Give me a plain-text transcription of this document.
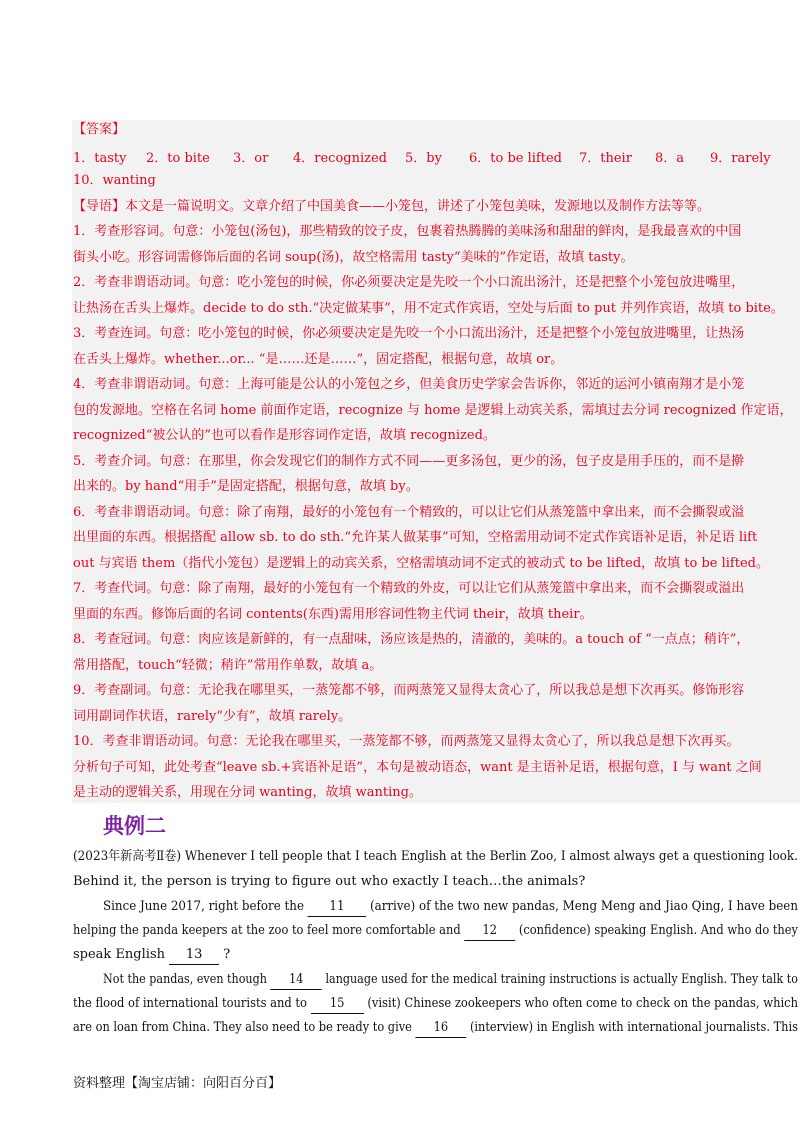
【答案】
1．tasty 2．to bite 3．or 4．recognized 5．by 6．to be lifted 7．their 8．a 9．rarely
10．wanting
【导语】本文是一篇说明文。文章介绍了中国美食——小笼包，讲述了小笼包美味，发源地以及制作方法等等。
1．考查形容词。句意：小笼包(汤包)，那些精致的饺子皮，包裹着热腾腾的美味汤和甜甜的鲜肉，是我最喜欢的中国
街头小吃。形容词需修饰后面的名词 soup(汤)，故空格需用 tasty“美味的”作定语，故填 tasty。
2．考查非谓语动词。句意：吃小笼包的时候，你必须要决定是先咬一个小口流出汤汁，还是把整个小笼包放进嘴里，
让热汤在舌头上爆炸。decide to do sth.“决定做某事”，用不定式作宾语，空处与后面 to put 并列作宾语，故填 to bite。
3．考查连词。句意：吃小笼包的时候，你必须要决定是先咬一个小口流出汤汁，还是把整个小笼包放进嘴里，让热汤
在舌头上爆炸。whether...or... “是……还是……”，固定搭配，根据句意，故填 or。
4．考查非谓语动词。句意：上海可能是公认的小笼包之乡，但美食历史学家会告诉你，邻近的运河小镇南翔才是小笼
包的发源地。空格在名词 home 前面作定语，recognize 与 home 是逻辑上动宾关系，需填过去分词 recognized 作定语，
recognized“被公认的”也可以看作是形容词作定语，故填 recognized。
5．考查介词。句意：在那里，你会发现它们的制作方式不同——更多汤包，更少的汤，包子皮是用手压的，而不是擀
出来的。by hand“用手”是固定搭配，根据句意，故填 by。
6．考查非谓语动词。句意：除了南翔，最好的小笼包有一个精致的，可以让它们从蒸笼篮中拿出来，而不会撕裂或溢
出里面的东西。根据搭配 allow sb. to do sth.“允许某人做某事”可知，空格需用动词不定式作宾语补足语，补足语 lift
out 与宾语 them（指代小笼包）是逻辑上的动宾关系，空格需填动词不定式的被动式 to be lifted，故填 to be lifted。
7．考查代词。句意：除了南翔，最好的小笼包有一个精致的外皮，可以让它们从蒸笼篮中拿出来，而不会撕裂或溢出
里面的东西。修饰后面的名词 contents(东西)需用形容词性物主代词 their，故填 their。
8．考查冠词。句意：肉应该是新鲜的，有一点甜味，汤应该是热的，清澈的，美味的。a touch of “一点点；稍许”，
常用搭配，touch“轻微；稍许”常用作单数，故填 a。
9．考查副词。句意：无论我在哪里买，一蒸笼都不够，而两蒸笼又显得太贪心了，所以我总是想下次再买。修饰形容
词用副词作状语，rarely“少有”，故填 rarely。
10．考查非谓语动词。句意：无论我在哪里买，一蒸笼都不够，而两蒸笼又显得太贪心了，所以我总是想下次再买。
分析句子可知，此处考查“leave sb.+宾语补足语”，本句是被动语态，want 是主语补足语，根据句意，I 与 want 之间
是主动的逻辑关系，用现在分词 wanting，故填 wanting。
典例二
(2023年新高考Ⅱ卷) Whenever I tell people that I teach English at the Berlin Zoo, I almost always get a questioning look.
Behind it, the person is trying to figure out who exactly I teach…the animals?
Since June 2017, right before the 11 (arrive) of the two new pandas, Meng Meng and Jiao Qing, I have been
helping the panda keepers at the zoo to feel more comfortable and 12 (confidence) speaking English. And who do they
speak English 13 ?
Not the pandas, even though 14 language used for the medical training instructions is actually English. They talk to
the flood of international tourists and to 15 (visit) Chinese zookeepers who often come to check on the pandas, which
are on loan from China. They also need to be ready to give 16 (interview) in English with international journalists. This
资料整理【淘宝店铺：向阳百分百】
